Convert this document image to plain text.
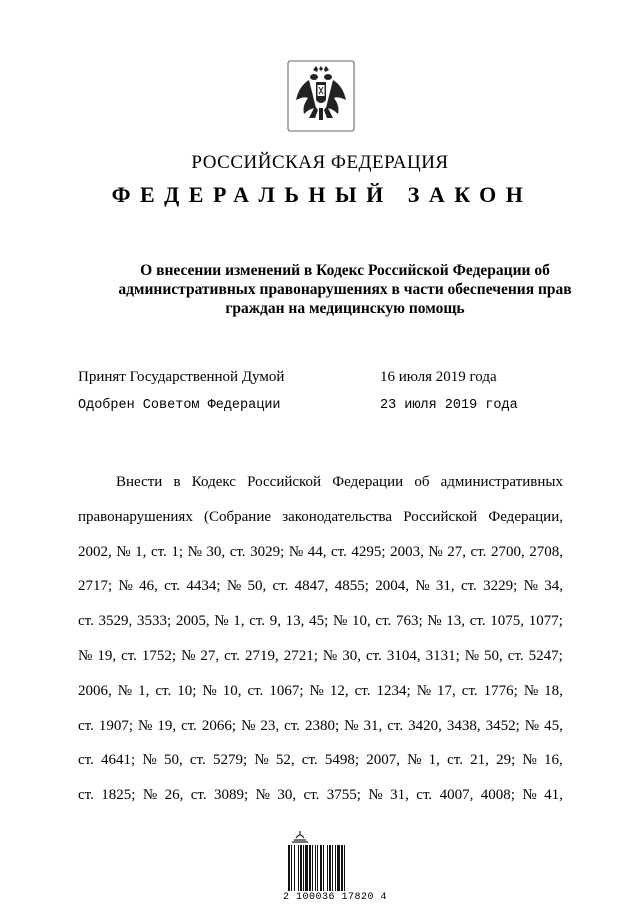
РОССИЙСКАЯ ФЕДЕРАЦИЯ
ФЕДЕРАЛЬНЫЙ ЗАКОН
О внесении изменений в Кодекс Российской Федерации об
административных правонарушениях в части обеспечения прав
граждан на медицинскую помощь
Принят Государственной Думой	16 июля 2019 года
Одобрен Советом Федерации	23 июля 2019 года
Внести в Кодекс Российской Федерации об административных
правонарушениях (Собрание законодательства Российской Федерации,
2002, № 1, ст. 1; № 30, ст. 3029; № 44, ст. 4295; 2003, № 27, ст. 2700, 2708,
2717; № 46, ст. 4434; № 50, ст. 4847, 4855; 2004, № 31, ст. 3229; № 34,
ст. 3529, 3533; 2005, № 1, ст. 9, 13, 45; № 10, ст. 763; № 13, ст. 1075, 1077;
№ 19, ст. 1752; № 27, ст. 2719, 2721; № 30, ст. 3104, 3131; № 50, ст. 5247;
2006, № 1, ст. 10; № 10, ст. 1067; № 12, ст. 1234; № 17, ст. 1776; № 18,
ст. 1907; № 19, ст. 2066; № 23, ст. 2380; № 31, ст. 3420, 3438, 3452; № 45,
ст. 4641; № 50, ст. 5279; № 52, ст. 5498; 2007, № 1, ст. 21, 29; № 16,
ст. 1825; № 26, ст. 3089; № 30, ст. 3755; № 31, ст. 4007, 4008; № 41,
2 100036 17820 4
